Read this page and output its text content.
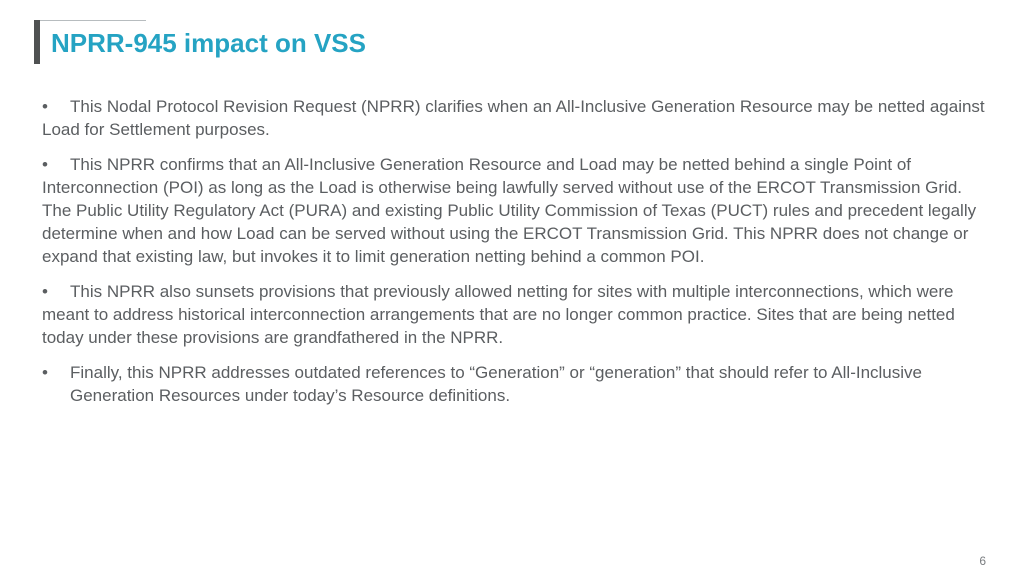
NPRR-945 impact on VSS

• This Nodal Protocol Revision Request (NPRR) clarifies when an All-Inclusive Generation Resource may be netted against Load for Settlement purposes.

• This NPRR confirms that an All-Inclusive Generation Resource and Load may be netted behind a single Point of Interconnection (POI) as long as the Load is otherwise being lawfully served without use of the ERCOT Transmission Grid. The Public Utility Regulatory Act (PURA) and existing Public Utility Commission of Texas (PUCT) rules and precedent legally determine when and how Load can be served without using the ERCOT Transmission Grid. This NPRR does not change or expand that existing law, but invokes it to limit generation netting behind a common POI.

• This NPRR also sunsets provisions that previously allowed netting for sites with multiple interconnections, which were meant to address historical interconnection arrangements that are no longer common practice. Sites that are being netted today under these provisions are grandfathered in the NPRR.

• Finally, this NPRR addresses outdated references to “Generation” or “generation” that should refer to All-Inclusive Generation Resources under today’s Resource definitions.

6
